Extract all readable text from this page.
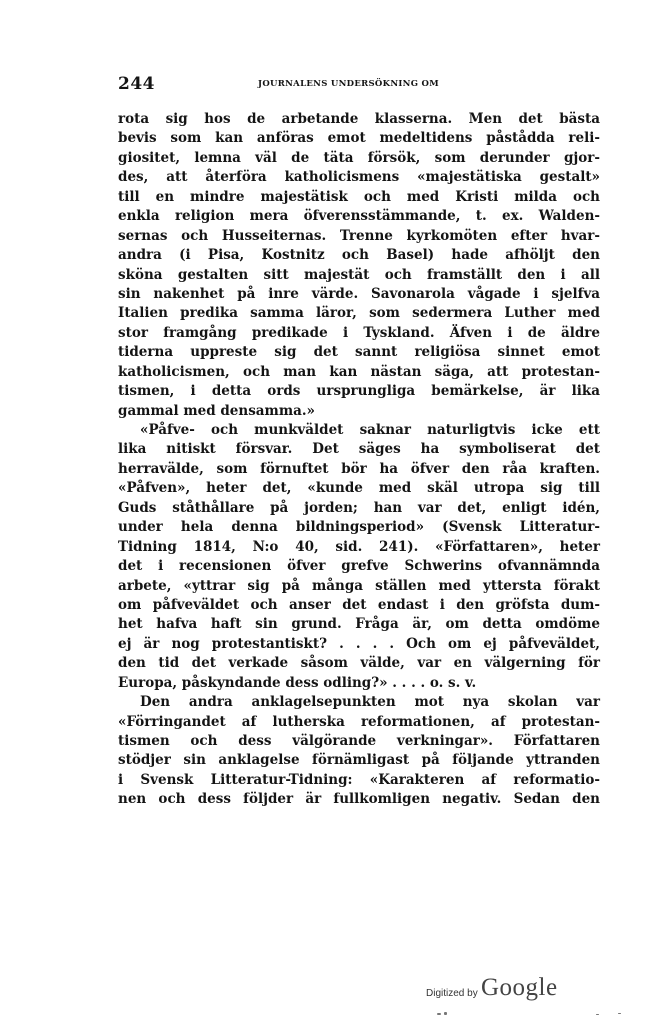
244	JOURNALENS UNDERSÖKNING OM
rota sig hos de arbetande klasserna. Men det bästa
bevis som kan anföras emot medeltidens påstådda reli-
giositet, lemna väl de täta försök, som derunder gjor-
des, att återföra katholicismens «majestätiska gestalt»
till en mindre majestätisk och med Kristi milda och
enkla religion mera öfverensstämmande, t. ex. Walden-
sernas och Husseiternas. Trenne kyrkomöten efter hvar-
andra (i Pisa, Kostnitz och Basel) hade afhöljt den
sköna gestalten sitt majestät och framställt den i all
sin nakenhet på inre värde. Savonarola vågade i sjelfva
Italien predika samma läror, som sedermera Luther med
stor framgång predikade i Tyskland. Äfven i de äldre
tiderna uppreste sig det sannt religiösa sinnet emot
katholicismen, och man kan nästan säga, att protestan-
tismen, i detta ords ursprungliga bemärkelse, är lika
gammal med densamma.»
«Påfve- och munkväldet saknar naturligtvis icke ett
lika nitiskt försvar. Det säges ha symboliserat det
herravälde, som förnuftet bör ha öfver den råa kraften.
«Påfven», heter det, «kunde med skäl utropa sig till
Guds ståthållare på jorden; han var det, enligt idén,
under hela denna bildningsperiod» (Svensk Litteratur-
Tidning 1814, N:o 40, sid. 241). «Författaren», heter
det i recensionen öfver grefve Schwerins ofvannämnda
arbete, «yttrar sig på många ställen med yttersta förakt
om påfveväldet och anser det endast i den gröfsta dum-
het hafva haft sin grund. Fråga är, om detta omdöme
ej är nog protestantiskt? . . . . Och om ej påfveväldet,
den tid det verkade såsom välde, var en välgerning för
Europa, påskyndande dess odling?» . . . . o. s. v.
Den andra anklagelsepunkten mot nya skolan var
«Förringandet af lutherska reformationen, af protestan-
tismen och dess välgörande verkningar». Författaren
stödjer sin anklagelse förnämligast på följande yttranden
i Svensk Litteratur-Tidning: «Karakteren af reformatio-
nen och dess följder är fullkomligen negativ. Sedan den
Digitized by Google
